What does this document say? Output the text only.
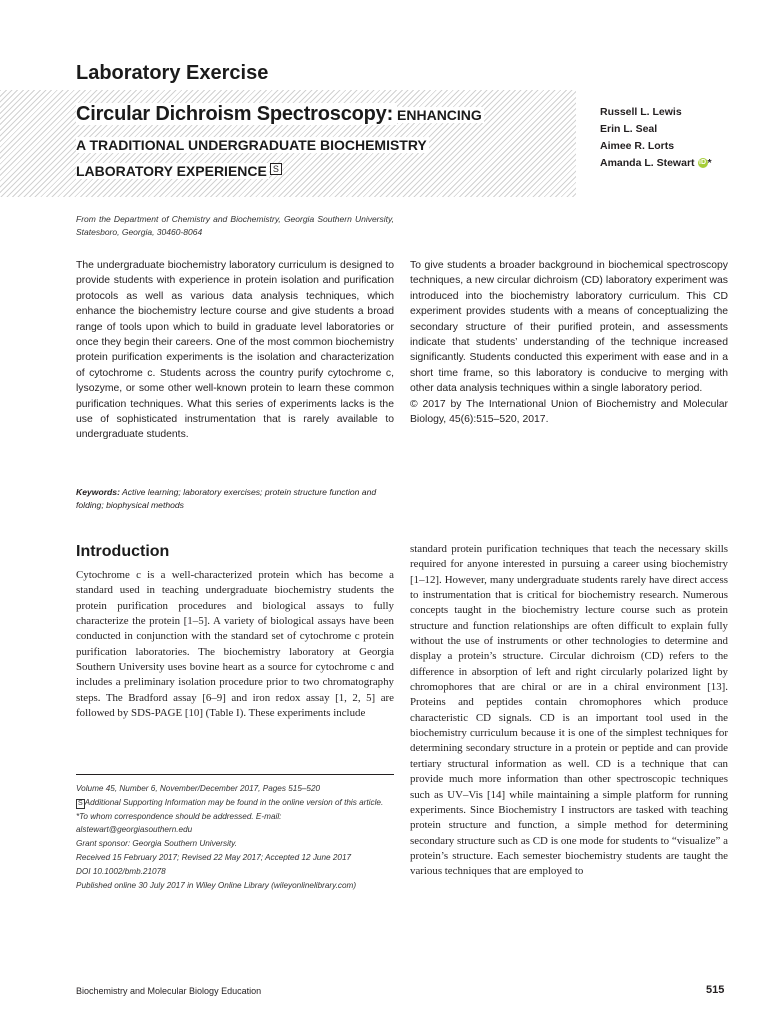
Laboratory Exercise
Circular Dichroism Spectroscopy: ENHANCING
A TRADITIONAL UNDERGRADUATE BIOCHEMISTRY
LABORATORY EXPERIENCE S
Russell L. Lewis
Erin L. Seal
Aimee R. Lorts
Amanda L. Stewart iD *
From the Department of Chemistry and Biochemistry, Georgia Southern University, Statesboro, Georgia, 30460-8064
The undergraduate biochemistry laboratory curriculum is designed to provide students with experience in protein isolation and purification protocols as well as various data analysis techniques, which enhance the biochemistry lecture course and give students a broad range of tools upon which to build in graduate level laboratories or once they begin their careers. One of the most common biochemistry protein purification experiments is the isolation and characterization of cytochrome c. Students across the country purify cytochrome c, lysozyme, or some other well-known protein to learn these common purification techniques. What this series of experiments lacks is the use of sophisticated instrumentation that is rarely available to undergraduate students.
To give students a broader background in biochemical spectroscopy techniques, a new circular dichroism (CD) laboratory experiment was introduced into the biochemistry laboratory curriculum. This CD experiment provides students with a means of conceptualizing the secondary structure of their purified protein, and assessments indicate that students’ understanding of the technique increased significantly. Students conducted this experiment with ease and in a short time frame, so this laboratory is conducive to merging with other data analysis techniques within a single laboratory period.
© 2017 by The International Union of Biochemistry and Molecular Biology, 45(6):515–520, 2017.
Keywords: Active learning; laboratory exercises; protein structure function and folding; biophysical methods
Introduction
Cytochrome c is a well-characterized protein which has become a standard used in teaching undergraduate biochemistry students the protein purification procedures and biological assays to fully characterize the protein [1–5]. A variety of biological assays have been conducted in conjunction with the standard set of cytochrome c protein purification laboratories. The biochemistry laboratory at Georgia Southern University uses bovine heart as a source for cytochrome c and includes a preliminary isolation procedure prior to two chromatography steps. The Bradford assay [6–9] and iron redox assay [1, 2, 5] are followed by SDS-PAGE [10] (Table I). These experiments include
standard protein purification techniques that teach the necessary skills required for anyone interested in pursuing a career using biochemistry [1–12]. However, many undergraduate students rarely have direct access to instrumentation that is critical for biochemistry research. Numerous concepts taught in the biochemistry lecture course such as protein structure and function relationships are often difficult to explain fully without the use of instruments or other technologies to determine and display a protein’s structure. Circular dichroism (CD) refers to the difference in absorption of left and right circularly polarized light by chromophores that are chiral or are in a chiral environment [13]. Proteins and peptides contain chromophores which produce characteristic CD signals. CD is an important tool used in the biochemistry curriculum because it is one of the simplest techniques for determining secondary structure in a protein or peptide and can provide tertiary structural information as well. CD is a technique that can provide much more information than other spectroscopic techniques such as UV–Vis [14] while maintaining a simple platform for running experiments. Since Biochemistry I instructors are tasked with teaching protein structure and function, a simple method for determining secondary structure such as CD is one mode for students to “visualize” a protein’s structure. Each semester biochemistry students are taught the various techniques that are employed to
Volume 45, Number 6, November/December 2017, Pages 515–520
S Additional Supporting Information may be found in the online version of this article.
*To whom correspondence should be addressed. E-mail: alstewart@georgiasouthern.edu
Grant sponsor: Georgia Southern University.
Received 15 February 2017; Revised 22 May 2017; Accepted 12 June 2017
DOI 10.1002/bmb.21078
Published online 30 July 2017 in Wiley Online Library (wileyonlinelibrary.com)
Biochemistry and Molecular Biology Education	515
